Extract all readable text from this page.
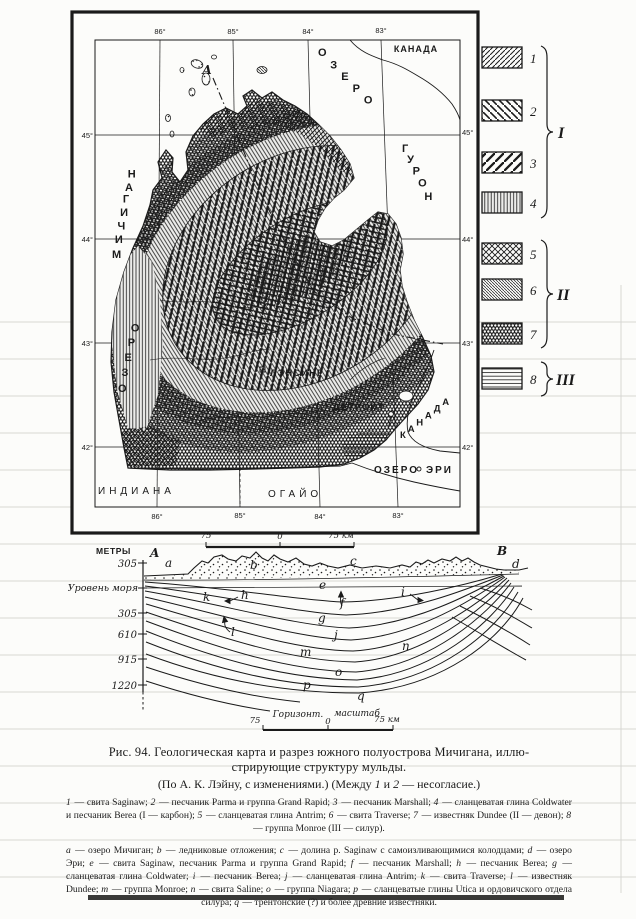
КАНАДА
A
ЛЭНСИНГ
ДЕТРОЙТ
ОЗЕРО
МИЧИГАН
ОЗЕРО
ГУРОН
ОЗЕРО ЭРИ
КАНАДА
ИНДИАНА	ОГАЙО
86°	85°	84°	83°
86°	85°	84°	83°
45°
44°
43°
42°
45°
44°
43°
42°
75	0	75 км
1
2
3
4
5
6
7
8
I
II
III
МЕТРЫ
305
Уровень моря
305
610
915
1220
A	B
a	b	c	d
e
k	h	i
f
g
l	j
m	n
o
p
q
Горизонт. масштаб
75	0	75 км
Рис. 94. Геологическая карта и разрез южного полуострова Мичигана, иллю-
стрирующие структуру мульды.
(По А. К. Лэйну, с изменениями.) (Между 1 и 2 — несогласие.)

1 — свита Saginaw; 2 — песчаник Parma и группа Grand Rapid; 3 — песчаник Marshall; 4 — сланцеватая глина Coldwater и песчаник Berea (I — карбон); 5 — сланцеватая глина Antrim; 6 — свита Traverse; 7 — известняк Dundee (II — девон); 8 — группа Monroe (III — силур).

a — озеро Мичиган; b — ледниковые отложения; c — долина р. Saginaw с самоизливающимися колодцами; d — озеро Эри; e — свита Saginaw, песчаник Parma и группа Grand Rapid; f — песчаник Marshall; h — песчаник Berea; g — сланцеватая глина Coldwater; i — песчаник Berea; j — сланцеватая глина Antrim; k — свита Traverse; l — известняк Dundee; m — группа Monroe; n — свита Saline; o — группа Niagara; p — сланцеватые глины Utica и ордовичского отдела силура; q — трентонские (?) и более древние известняки.
